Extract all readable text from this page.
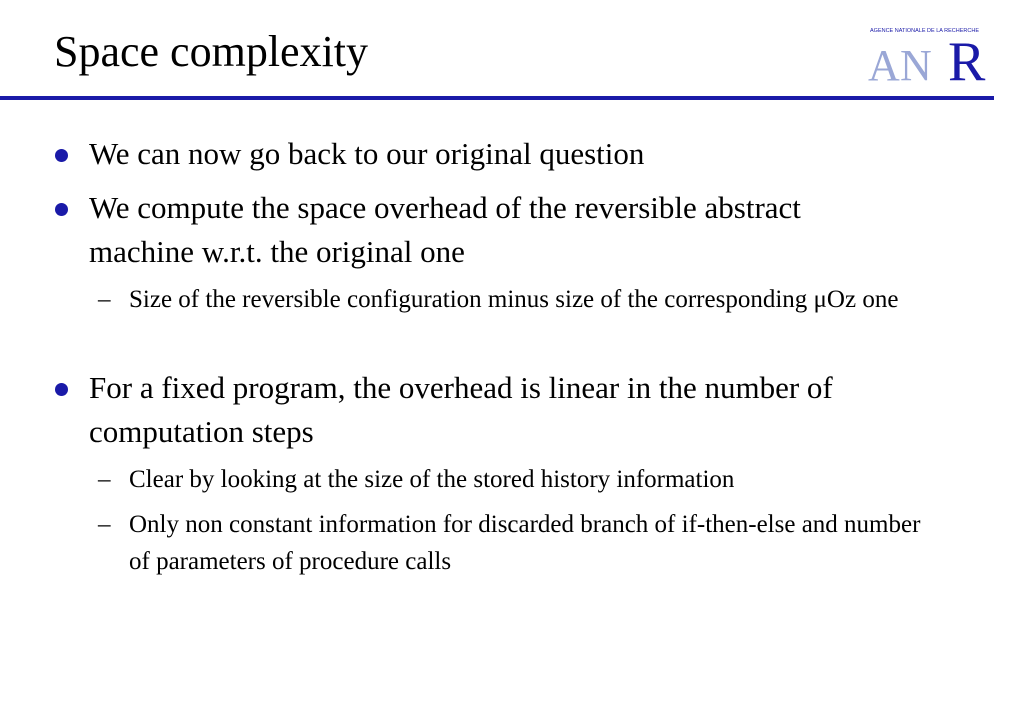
Space complexity	AGENCE NATIONALE DE LA RECHERCHE
A N R
We can now go back to our original question
We compute the space overhead of the reversible abstract machine w.r.t. the original one
– Size of the reversible configuration minus size of the corresponding μOz one
For a fixed program, the overhead is linear in the number of computation steps
– Clear by looking at the size of the stored history information
– Only non constant information for discarded branch of if-then-else and number of parameters of procedure calls
